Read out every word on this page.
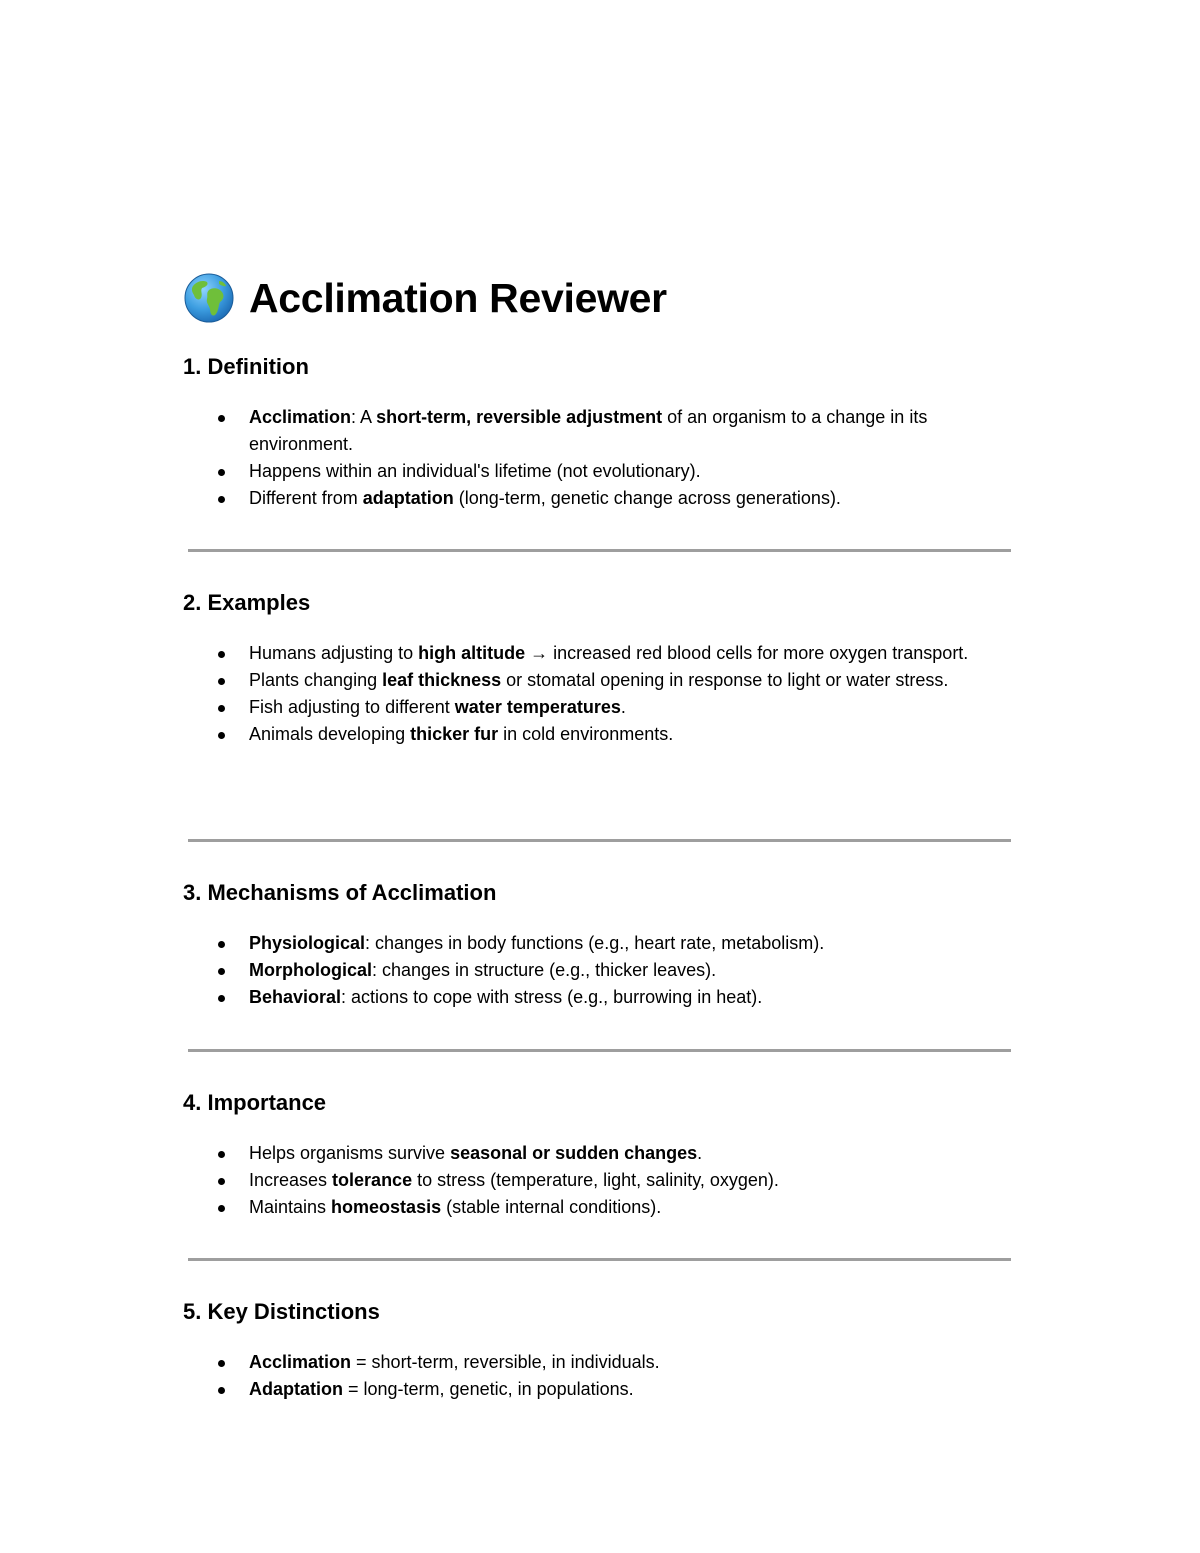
Acclimation Reviewer
1. Definition
Acclimation: A short-term, reversible adjustment of an organism to a change in its environment.
Happens within an individual's lifetime (not evolutionary).
Different from adaptation (long-term, genetic change across generations).
2. Examples
Humans adjusting to high altitude → increased red blood cells for more oxygen transport.
Plants changing leaf thickness or stomatal opening in response to light or water stress.
Fish adjusting to different water temperatures.
Animals developing thicker fur in cold environments.
3. Mechanisms of Acclimation
Physiological: changes in body functions (e.g., heart rate, metabolism).
Morphological: changes in structure (e.g., thicker leaves).
Behavioral: actions to cope with stress (e.g., burrowing in heat).
4. Importance
Helps organisms survive seasonal or sudden changes.
Increases tolerance to stress (temperature, light, salinity, oxygen).
Maintains homeostasis (stable internal conditions).
5. Key Distinctions
Acclimation = short-term, reversible, in individuals.
Adaptation = long-term, genetic, in populations.
